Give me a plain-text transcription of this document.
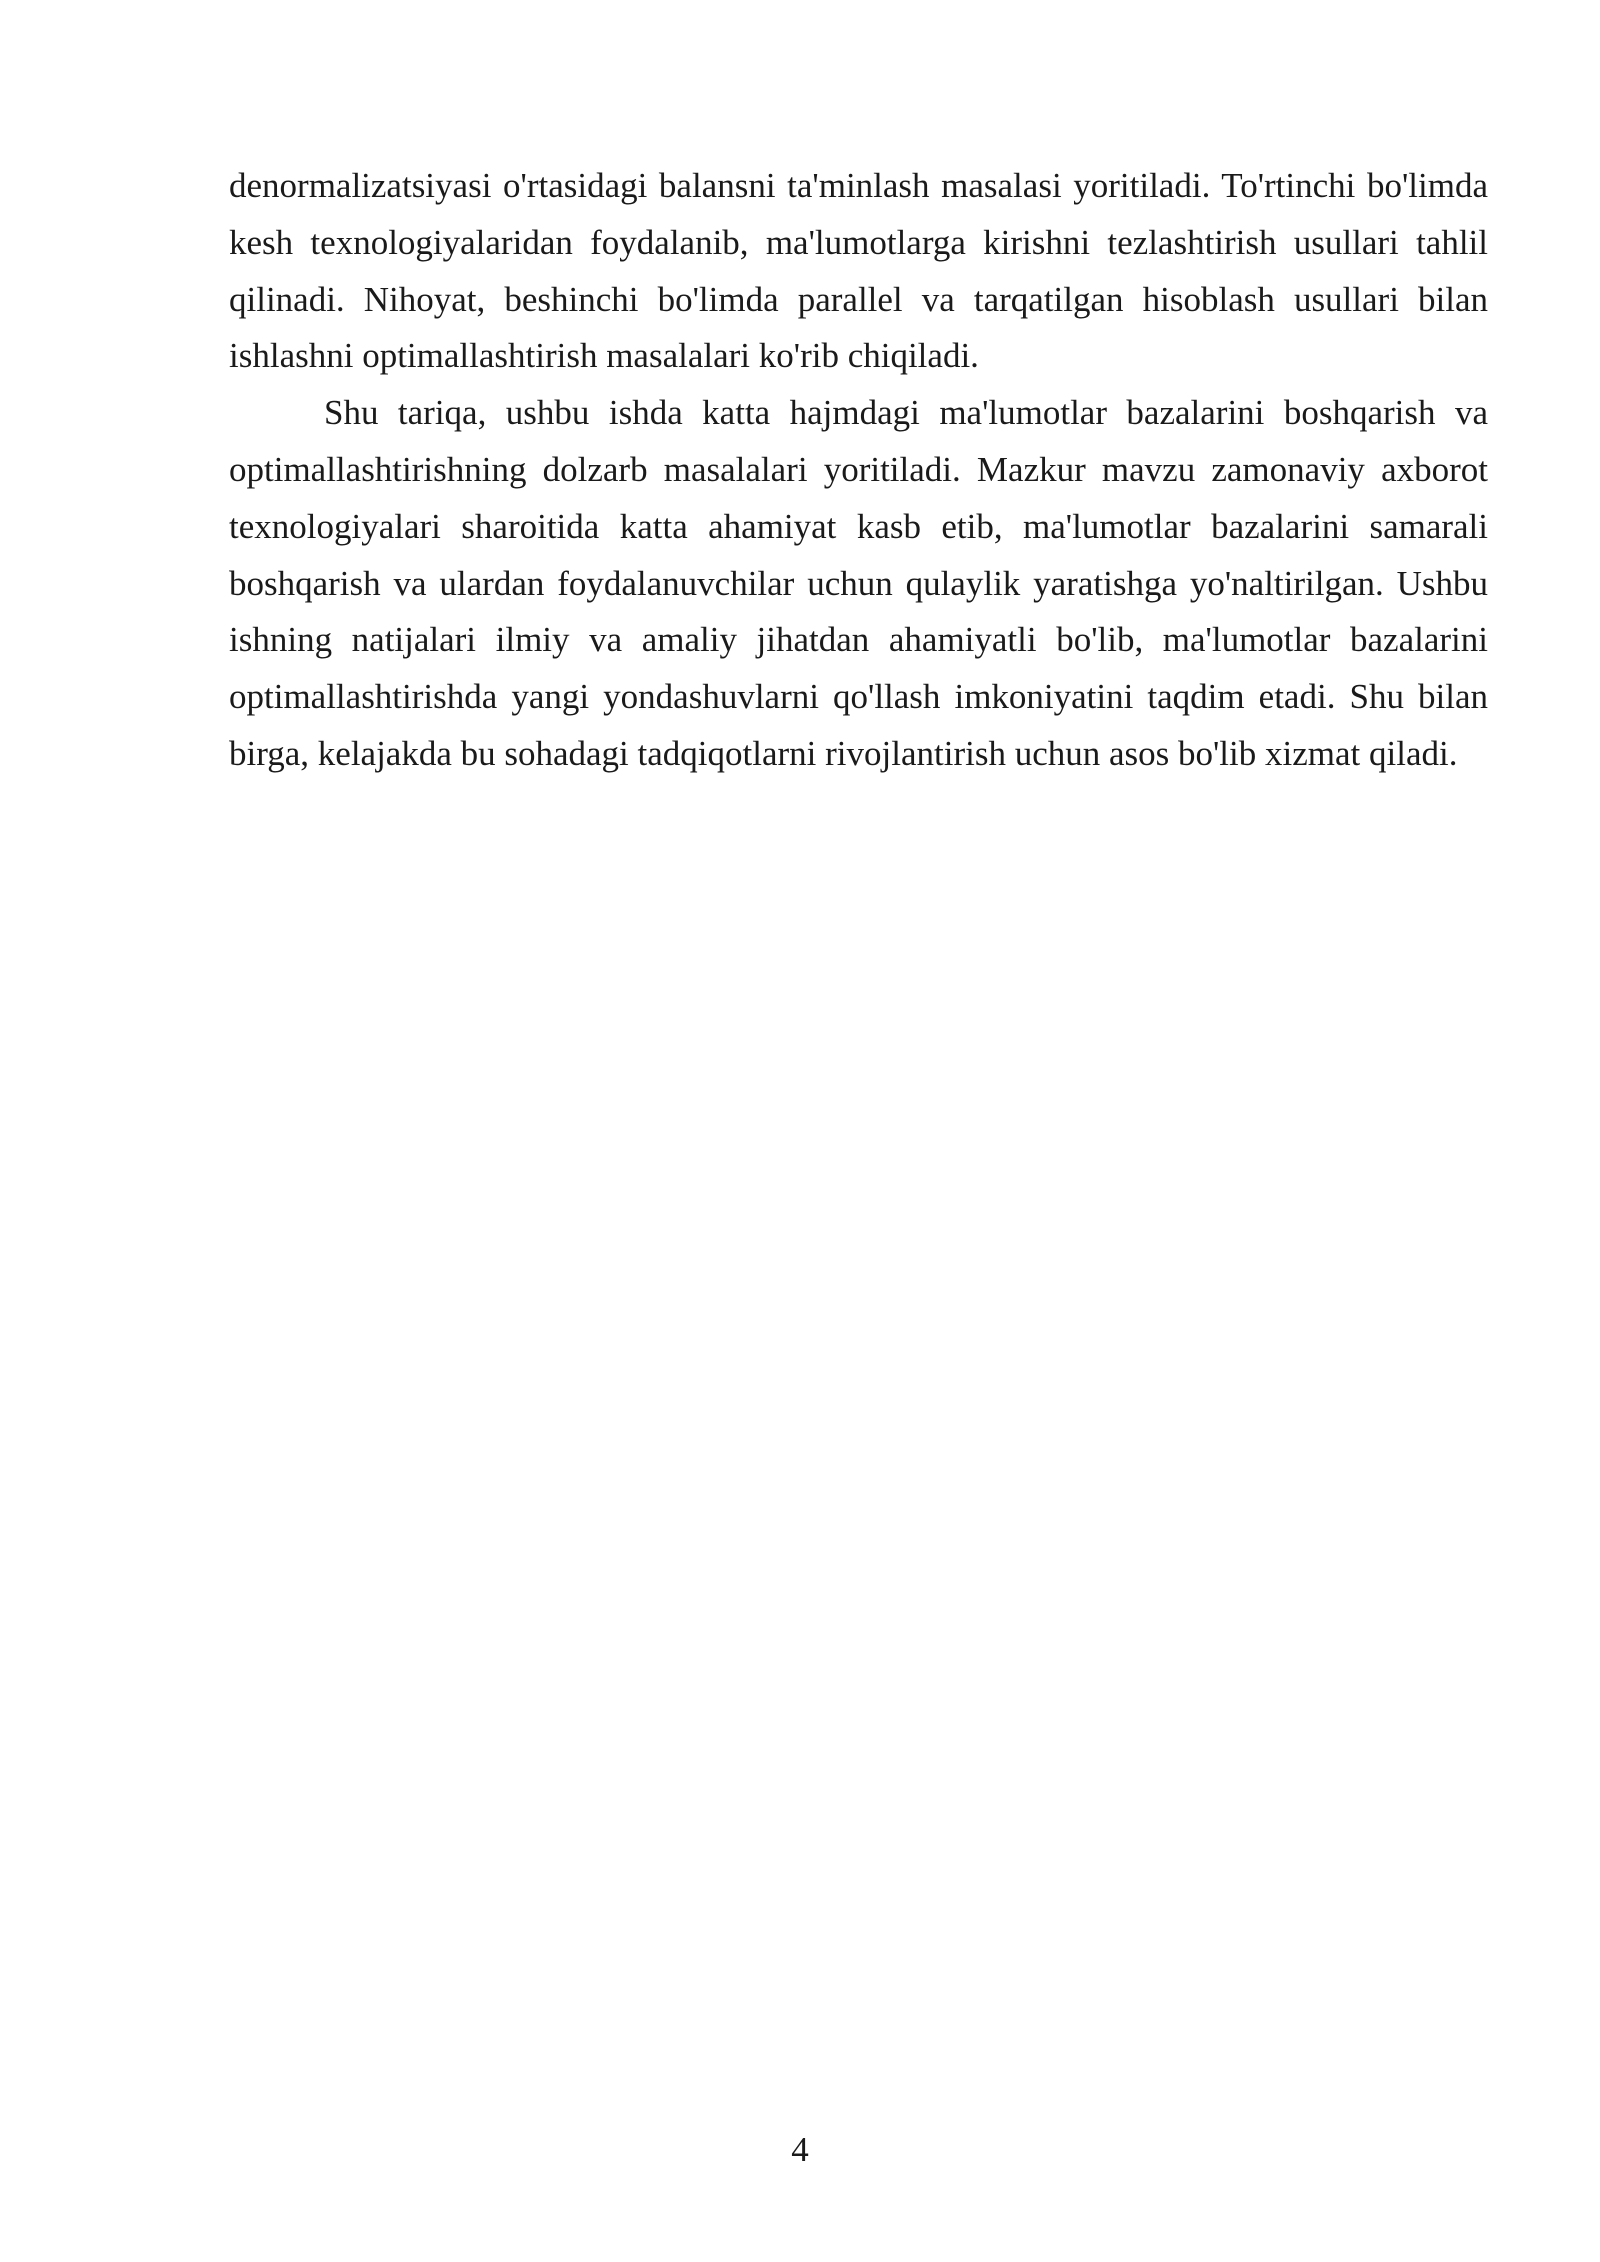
denormalizatsiyasi o'rtasidagi balansni ta'minlash masalasi yoritiladi. To'rtinchi bo'limda kesh texnologiyalaridan foydalanib, ma'lumotlarga kirishni tezlashtirish usullari tahlil qilinadi. Nihoyat, beshinchi bo'limda parallel va tarqatilgan hisoblash usullari bilan ishlashni optimallashtirish masalalari ko'rib chiqiladi.

Shu tariqa, ushbu ishda katta hajmdagi ma'lumotlar bazalarini boshqarish va optimallashtirishning dolzarb masalalari yoritiladi. Mazkur mavzu zamonaviy axborot texnologiyalari sharoitida katta ahamiyat kasb etib, ma'lumotlar bazalarini samarali boshqarish va ulardan foydalanuvchilar uchun qulaylik yaratishga yo'naltirilgan. Ushbu ishning natijalari ilmiy va amaliy jihatdan ahamiyatli bo'lib, ma'lumotlar bazalarini optimallashtirishda yangi yondashuvlarni qo'llash imkoniyatini taqdim etadi. Shu bilan birga, kelajakda bu sohadagi tadqiqotlarni rivojlantirish uchun asos bo'lib xizmat qiladi.

4
